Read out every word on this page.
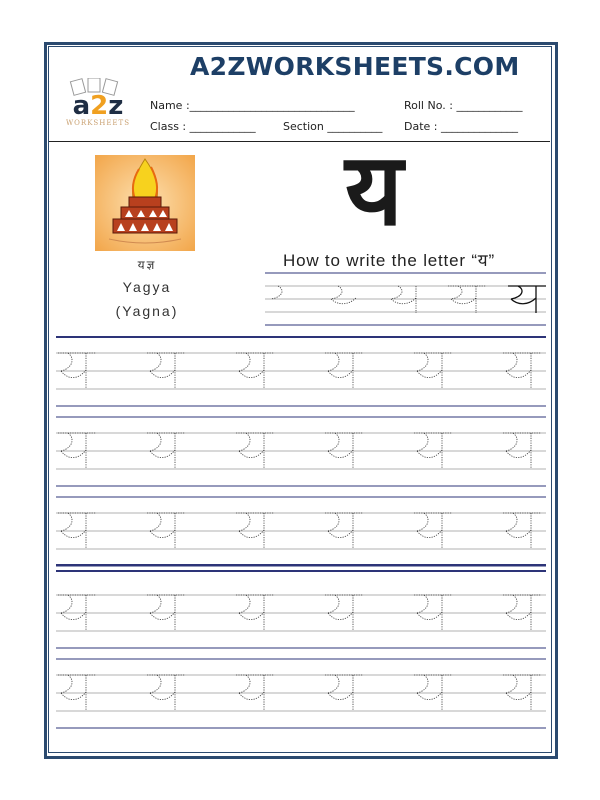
a2z
WORKSHEETS
A2ZWORKSHEETS.COM
Name :______________________________	Roll No. : ____________
Class : ____________ Section __________ Date : ______________
यज्ञ
Yagya
(Yagna)
य
How to write the letter “य”
